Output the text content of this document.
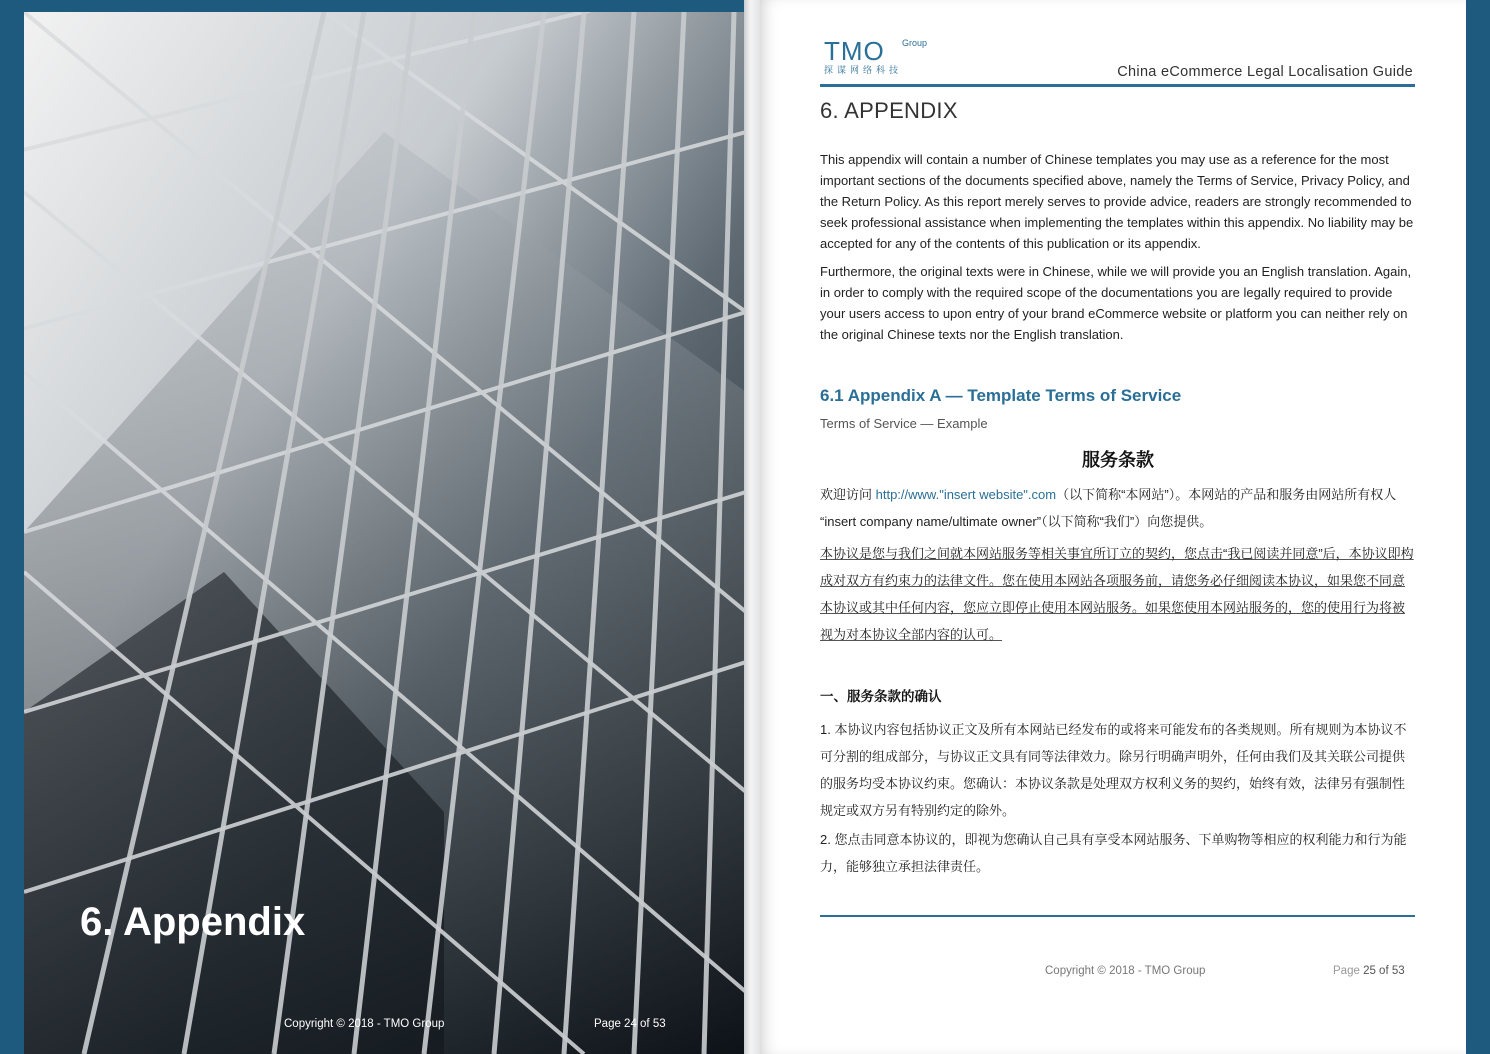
6. Appendix
Copyright © 2018 - TMO Group	Page 24 of 53
TMO Group
探谋网络科技	China eCommerce Legal Localisation Guide
6. APPENDIX

This appendix will contain a number of Chinese templates you may use as a reference for the most important sections of the documents specified above, namely the Terms of Service, Privacy Policy, and the Return Policy. As this report merely serves to provide advice, readers are strongly recommended to seek professional assistance when implementing the templates within this appendix. No liability may be accepted for any of the contents of this publication or its appendix.

Furthermore, the original texts were in Chinese, while we will provide you an English translation. Again, in order to comply with the required scope of the documentations you are legally required to provide your users access to upon entry of your brand eCommerce website or platform you can neither rely on the original Chinese texts nor the English translation.

6.1 Appendix A — Template Terms of Service
Terms of Service — Example
服务条款

欢迎访问 http://www."insert website".com（以下简称“本网站”）。本网站的产品和服务由网站所有权人 “insert company name/ultimate owner”（以下简称“我们”）向您提供。

本协议是您与我们之间就本网站服务等相关事宜所订立的契约，您点击“我已阅读并同意”后，本协议即构成对双方有约束力的法律文件。您在使用本网站各项服务前，请您务必仔细阅读本协议，如果您不同意本协议或其中任何内容，您应立即停止使用本网站服务。如果您使用本网站服务的，您的使用行为将被视为对本协议全部内容的认可。

一、服务条款的确认

1. 本协议内容包括协议正文及所有本网站已经发布的或将来可能发布的各类规则。所有规则为本协议不可分割的组成部分，与协议正文具有同等法律效力。除另行明确声明外，任何由我们及其关联公司提供的服务均受本协议约束。您确认：本协议条款是处理双方权利义务的契约，始终有效，法律另有强制性规定或双方另有特别约定的除外。

2. 您点击同意本协议的，即视为您确认自己具有享受本网站服务、下单购物等相应的权利能力和行为能力，能够独立承担法律责任。

Copyright © 2018 - TMO Group	Page 25 of 53
